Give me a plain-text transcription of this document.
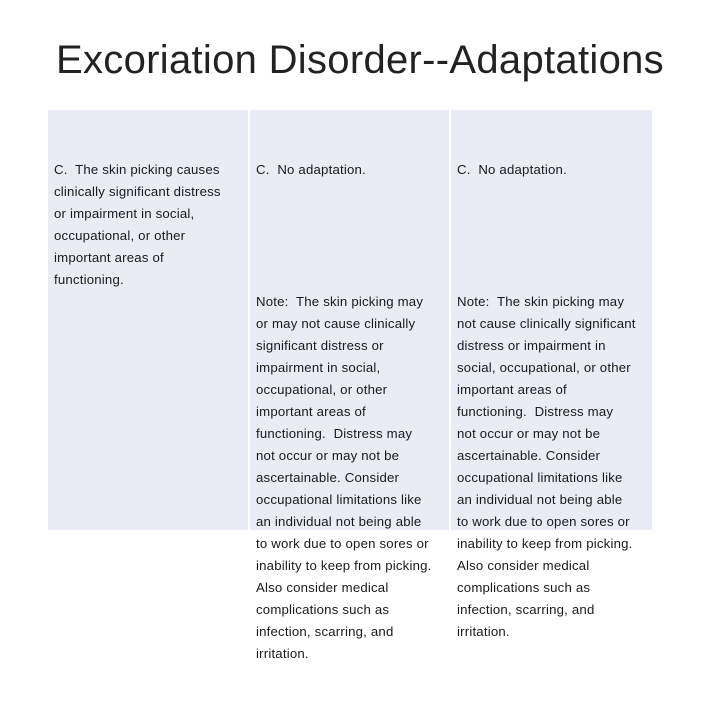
Excoriation Disorder--Adaptations

C.  The skin picking causes
clinically significant distress
or impairment in social,
occupational, or other
important areas of
functioning.

C.  No adaptation.

Note:  The skin picking may
or may not cause clinically
significant distress or
impairment in social,
occupational, or other
important areas of
functioning.  Distress may
not occur or may not be
ascertainable. Consider
occupational limitations like
an individual not being able
to work due to open sores or
inability to keep from picking.
Also consider medical
complications such as
infection, scarring, and
irritation.

C.  No adaptation.

Note:  The skin picking may
not cause clinically significant
distress or impairment in
social, occupational, or other
important areas of
functioning.  Distress may
not occur or may not be
ascertainable. Consider
occupational limitations like
an individual not being able
to work due to open sores or
inability to keep from picking.
Also consider medical
complications such as
infection, scarring, and
irritation.
